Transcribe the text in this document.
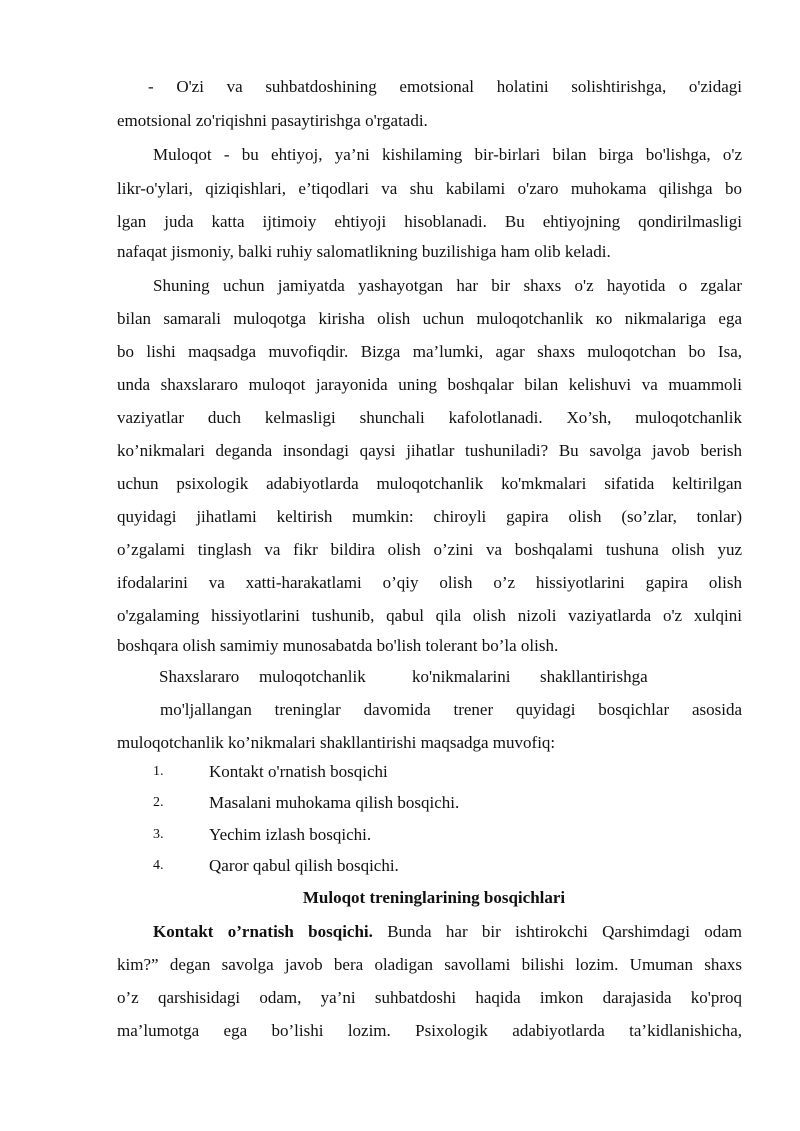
- O'zi va suhbatdoshining emotsional holatini solishtirishga, o'zidagi
emotsional zo'riqishni pasaytirishga o'rgatadi.
Muloqot - bu ehtiyoj, ya’ni kishilaming bir-birlari bilan birga bo'lishga, o'z
likr-o'ylari, qiziqishlari, e’tiqodlari va shu kabilami o'zaro muhokama qilishga bo
lgan juda katta ijtimoiy ehtiyoji hisoblanadi. Bu ehtiyojning qondirilmasligi
nafaqat jismoniy, balki ruhiy salomatlikning buzilishiga ham olib keladi.
Shuning uchun jamiyatda yashayotgan har bir shaxs o'z hayotida o zgalar
bilan samarali muloqotga kirisha olish uchun muloqotchanlik кo nikmalariga ega
bo lishi maqsadga muvofiqdir. Bizga ma’lumki, agar shaxs muloqotchan bo Isa,
unda shaxslararo muloqot jarayonida uning boshqalar bilan kelishuvi va muammoli
vaziyatlar duch kelmasligi shunchali kafolotlanadi. Xo’sh, muloqotchanlik
ko’nikmalari deganda insondagi qaysi jihatlar tushuniladi? Bu savolga javob berish
uchun psixologik adabiyotlarda muloqotchanlik ko'mkmalari sifatida keltirilgan
quyidagi jihatlami keltirish mumkin: chiroyli gapira olish (so’zlar, tonlar)
o’zgalami tinglash va fikr bildira olish o’zini va boshqalami tushuna olish yuz
ifodalarini va xatti-harakatlami o’qiy olish o’z hissiyotlarini gapira olish
o'zgalaming hissiyotlarini tushunib, qabul qila olish nizoli vaziyatlarda o'z xulqini
boshqara olish samimiy munosabatda bo'lish tolerant bo’la olish.
Shaxslararo muloqotchanlik	ko'nikmalarini shakllantirishga
mo'ljallangan treninglar davomida trener quyidagi bosqichlar asosida
muloqotchanlik ko’nikmalari shakllantirishi maqsadga muvofiq:
1.	Kontakt o'rnatish bosqichi
2.	Masalani muhokama qilish bosqichi.
3.	Yechim izlash bosqichi.
4.	Qaror qabul qilish bosqichi.
Muloqot treninglarining bosqichlari
Kontakt o’rnatish bosqichi. Bunda har bir ishtirokchi Qarshimdagi odam
kim?” degan savolga javob bera oladigan savollami bilishi lozim. Umuman shaxs
o’z qarshisidagi odam, ya’ni suhbatdoshi haqida imkon darajasida ko'proq
ma’lumotga ega bo’lishi lozim. Psixologik adabiyotlarda ta’kidlanishicha,
